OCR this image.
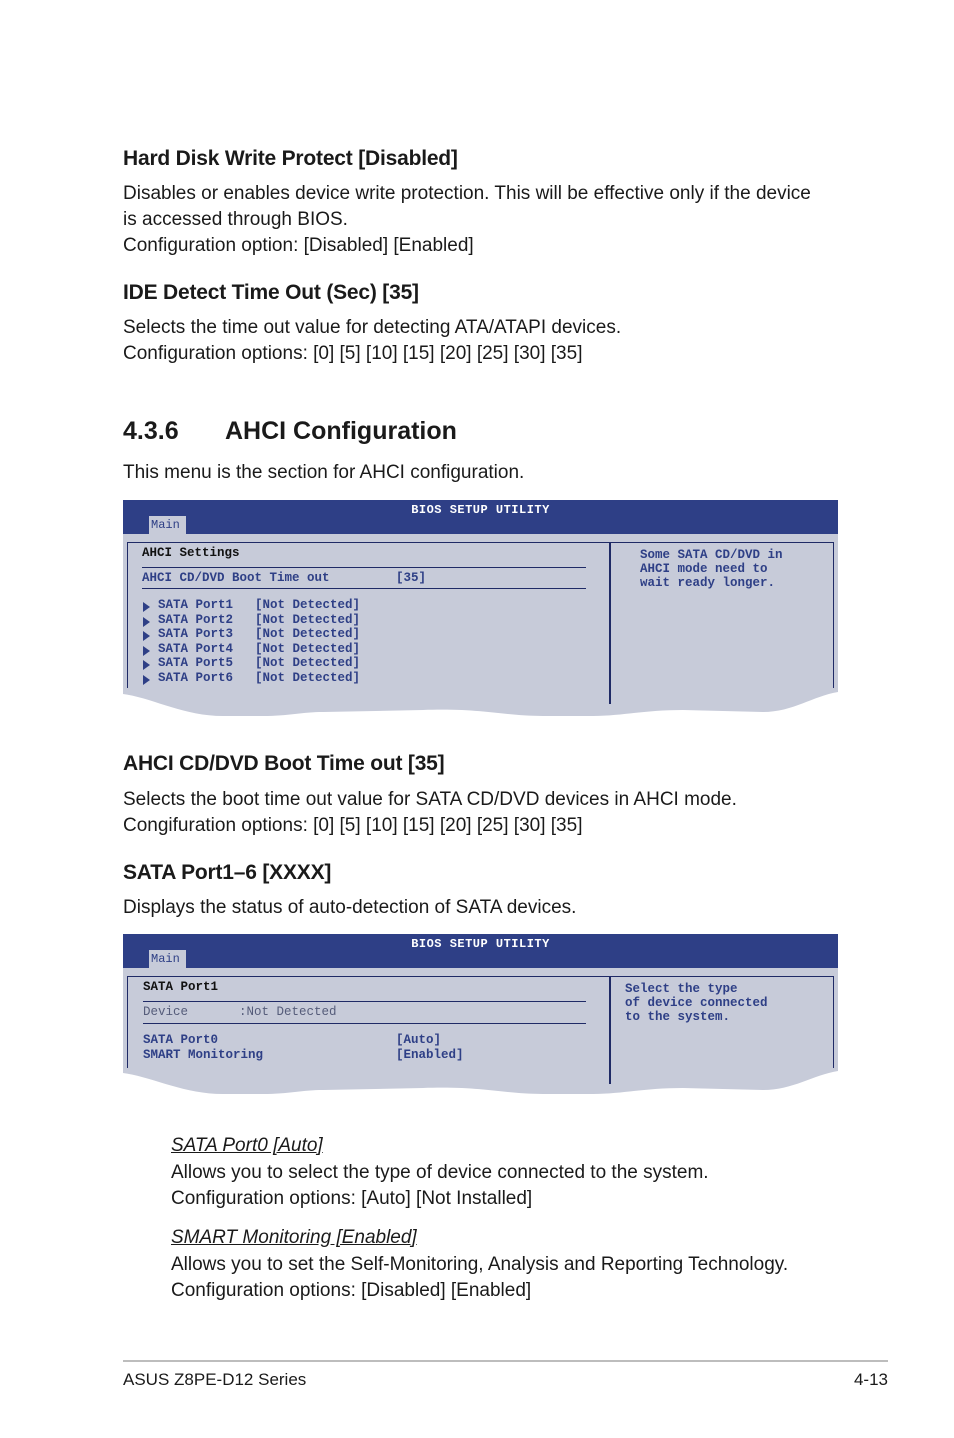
Hard Disk Write Protect [Disabled]
Disables or enables device write protection. This will be effective only if the device
is accessed through BIOS.
Configuration option: [Disabled] [Enabled]
IDE Detect Time Out (Sec) [35]
Selects the time out value for detecting ATA/ATAPI devices.
Configuration options: [0] [5] [10] [15] [20] [25] [30] [35]
4.3.6 AHCI Configuration
This menu is the section for AHCI configuration.
BIOS SETUP UTILITY
Main
AHCI Settings
AHCI CD/DVD Boot Time out	[35]
SATA Port1 [Not Detected]
SATA Port2 [Not Detected]
SATA Port3 [Not Detected]
SATA Port4 [Not Detected]
SATA Port5 [Not Detected]
SATA Port6 [Not Detected]
Some SATA CD/DVD in
AHCI mode need to
wait ready longer.
AHCI CD/DVD Boot Time out [35]
Selects the boot time out value for SATA CD/DVD devices in AHCI mode.
Congifuration options: [0] [5] [10] [15] [20] [25] [30] [35]
SATA Port1–6 [XXXX]
Displays the status of auto-detection of SATA devices.
BIOS SETUP UTILITY
Main
SATA Port1
Device	:Not Detected
SATA Port0	[Auto]
SMART Monitoring	[Enabled]
Select the type
of device connected
to the system.
SATA Port0 [Auto]
Allows you to select the type of device connected to the system.
Configuration options: [Auto] [Not Installed]
SMART Monitoring [Enabled]
Allows you to set the Self-Monitoring, Analysis and Reporting Technology.
Configuration options: [Disabled] [Enabled]
ASUS Z8PE-D12 Series	4-13
